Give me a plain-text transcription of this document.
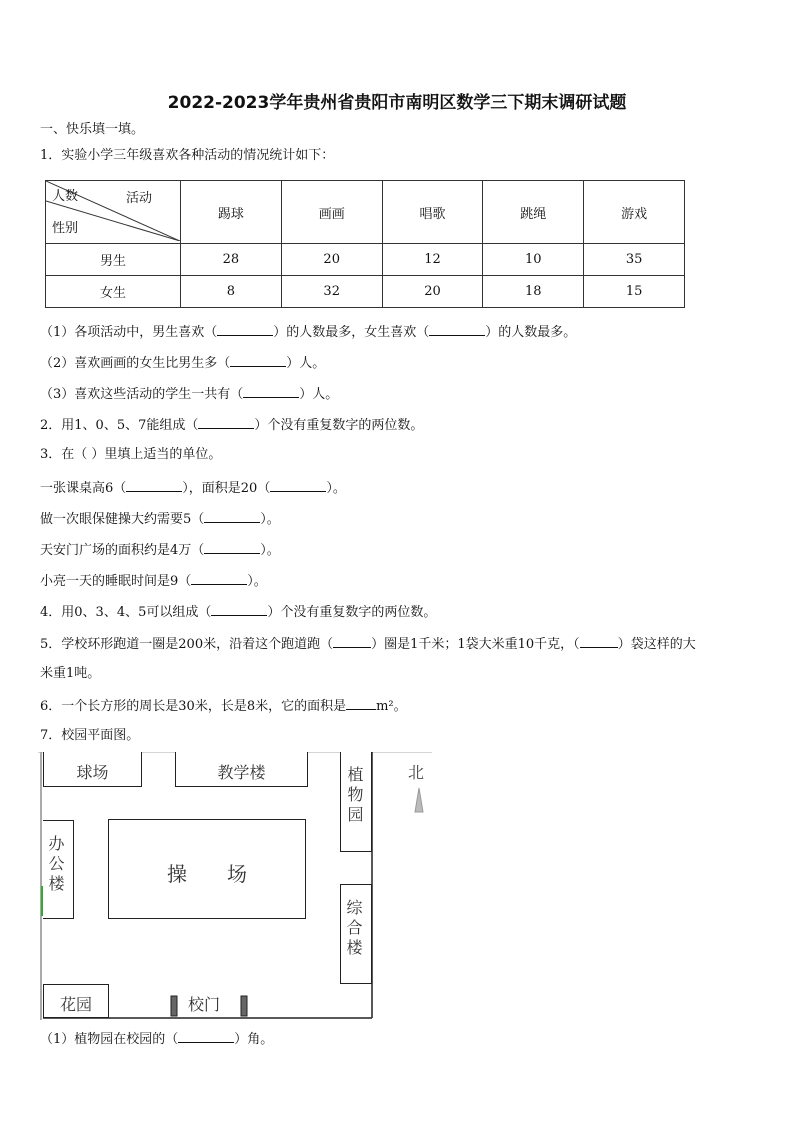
2022-2023学年贵州省贵阳市南明区数学三下期末调研试题
一、快乐填一填。
1．实验小学三年级喜欢各种活动的情况统计如下：
人数 活动
性别	踢球	画画	唱歌	跳绳	游戏
男生	28	20	12	10	35
女生	8	32	20	18	15
（1）各项活动中，男生喜欢（	）的人数最多，女生喜欢（	）的人数最多。
（2）喜欢画画的女生比男生多（	）人。
（3）喜欢这些活动的学生一共有（	）人。
2．用1、0、5、7能组成（	）个没有重复数字的两位数。
3．在（ ）里填上适当的单位。
一张课桌高6（	），面积是20（	）。
做一次眼保健操大约需要5（	）。
天安门广场的面积约是4万（	）。
小亮一天的睡眠时间是9（	）。
4．用0、3、4、5可以组成（	）个没有重复数字的两位数。
5．学校环形跑道一圈是200米，沿着这个跑道跑（	）圈是1千米；1袋大米重10千克，（	）袋这样的大
米重1吨。
6．一个长方形的周长是30米，长是8米，它的面积是 m²。
7．校园平面图。
球场	教学楼	植物园	北
办公楼	操　　场
综合楼
花园	校门
（1）植物园在校园的（	）角。
